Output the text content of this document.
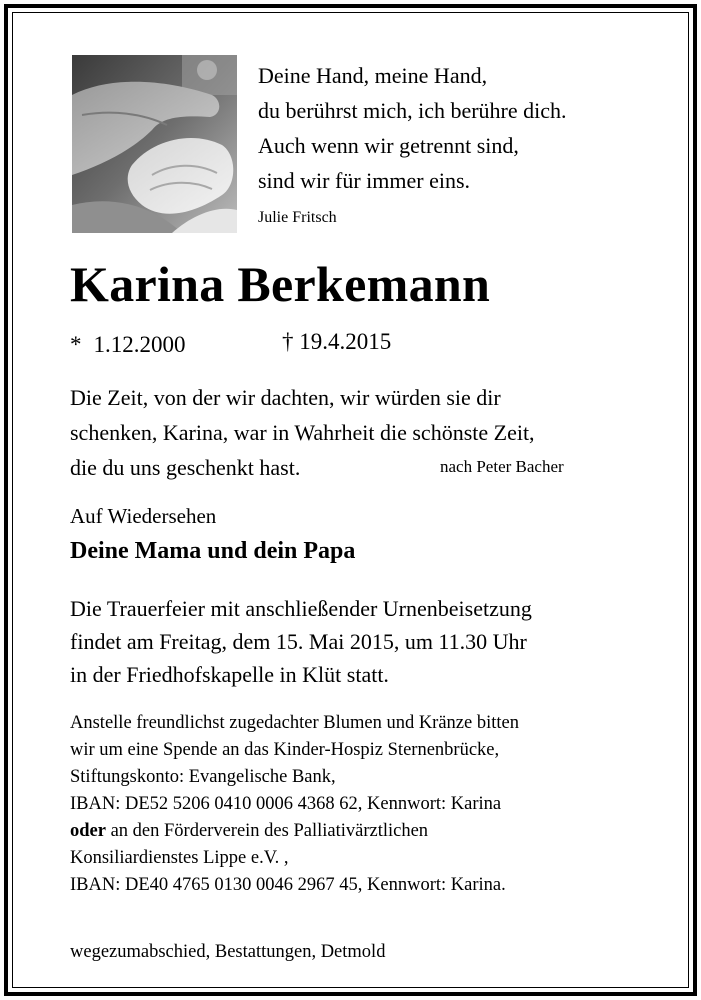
Deine Hand, meine Hand,
du berührst mich, ich berühre dich.
Auch wenn wir getrennt sind,
sind wir für immer eins.
Julie Fritsch
Karina Berkemann
* 1.12.2000	† 19.4.2015
Die Zeit, von der wir dachten, wir würden sie dir
schenken, Karina, war in Wahrheit die schönste Zeit,
die du uns geschenkt hast.	nach Peter Bacher
Auf Wiedersehen
Deine Mama und dein Papa
Die Trauerfeier mit anschließender Urnenbeisetzung
findet am Freitag, dem 15. Mai 2015, um 11.30 Uhr
in der Friedhofskapelle in Klüt statt.
Anstelle freundlichst zugedachter Blumen und Kränze bitten
wir um eine Spende an das Kinder-Hospiz Sternenbrücke,
Stiftungskonto: Evangelische Bank,
IBAN: DE52 5206 0410 0006 4368 62, Kennwort: Karina
oder an den Förderverein des Palliativärztlichen
Konsiliardienstes Lippe e.V. ,
IBAN: DE40 4765 0130 0046 2967 45, Kennwort: Karina.
wegezumabschied, Bestattungen, Detmold
